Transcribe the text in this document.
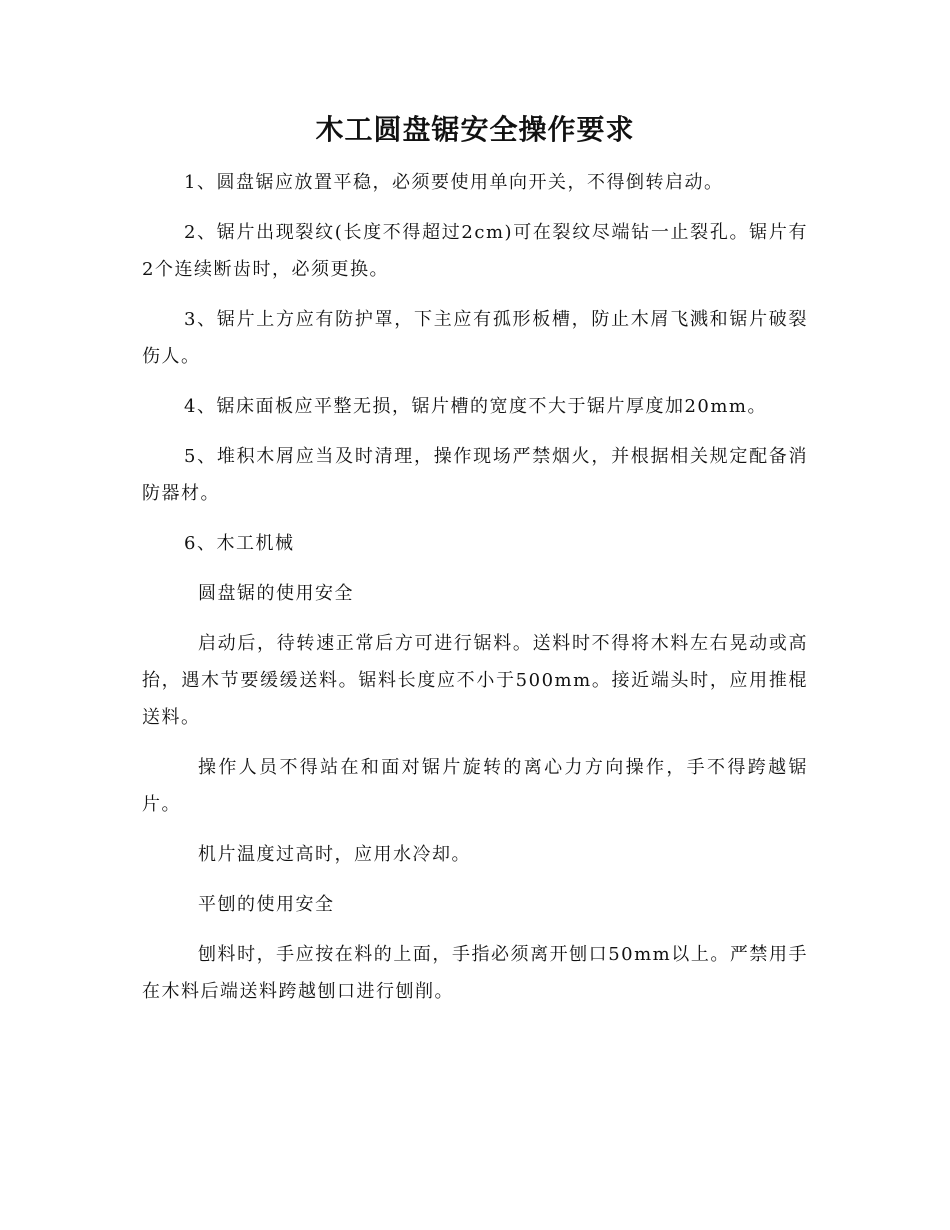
木工圆盘锯安全操作要求

1、圆盘锯应放置平稳，必须要使用单向开关，不得倒转启动。

2、锯片出现裂纹(长度不得超过2cm)可在裂纹尽端钻一止裂孔。锯片有2个连续断齿时，必须更换。

3、锯片上方应有防护罩，下主应有孤形板槽，防止木屑飞溅和锯片破裂伤人。

4、锯床面板应平整无损，锯片槽的宽度不大于锯片厚度加20mm。

5、堆积木屑应当及时清理，操作现场严禁烟火，并根据相关规定配备消防器材。

6、木工机械

圆盘锯的使用安全

启动后，待转速正常后方可进行锯料。送料时不得将木料左右晃动或高抬，遇木节要缓缓送料。锯料长度应不小于500mm。接近端头时，应用推棍送料。

操作人员不得站在和面对锯片旋转的离心力方向操作，手不得跨越锯片。

机片温度过高时，应用水冷却。

平刨的使用安全

刨料时，手应按在料的上面，手指必须离开刨口50mm以上。严禁用手在木料后端送料跨越刨口进行刨削。
